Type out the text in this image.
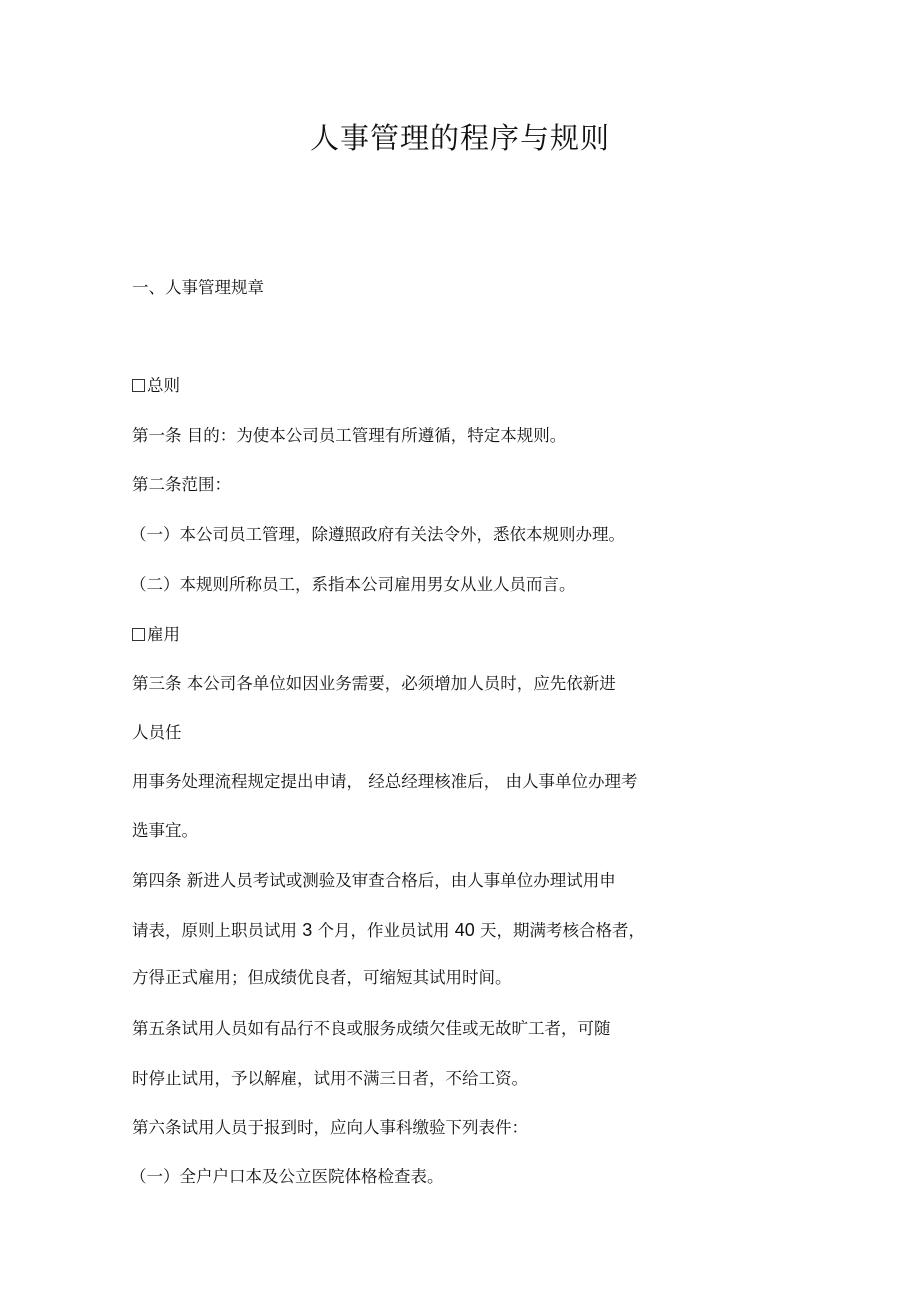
人事管理的程序与规则
一、人事管理规章
总则
第一条 目的：为使本公司员工管理有所遵循，特定本规则。
第二条范围：
（一）本公司员工管理，除遵照政府有关法令外，悉依本规则办理。
（二）本规则所称员工，系指本公司雇用男女从业人员而言。
雇用
第三条 本公司各单位如因业务需要，必须增加人员时，应先依新进
人员任
用事务处理流程规定提出申请， 经总经理核准后， 由人事单位办理考
选事宜。
第四条 新进人员考试或测验及审查合格后，由人事单位办理试用申
请表，原则上职员试用 3 个月，作业员试用 40 天，期满考核合格者，
方得正式雇用；但成绩优良者，可缩短其试用时间。
第五条试用人员如有品行不良或服务成绩欠佳或无故旷工者，可随
时停止试用，予以解雇，试用不满三日者，不给工资。
第六条试用人员于报到时，应向人事科缴验下列表件：
（一）全户户口本及公立医院体格检查表。
